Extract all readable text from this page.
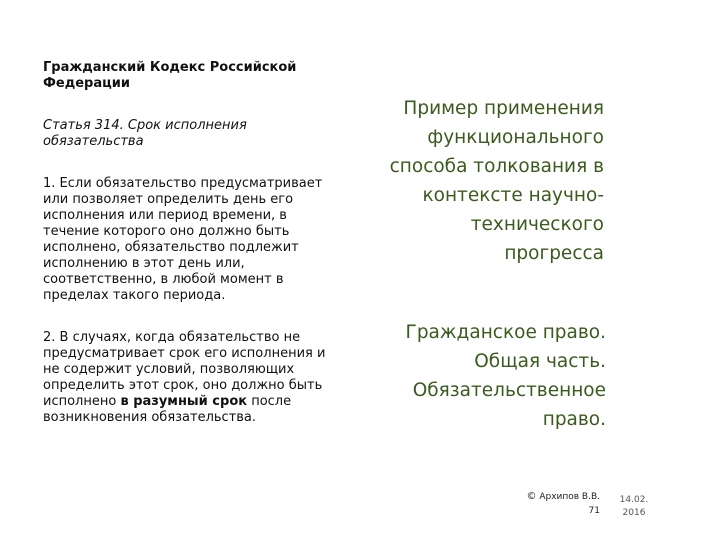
Гражданский Кодекс Российской Федерации

Статья 314. Срок исполнения обязательства

1. Если обязательство предусматривает или позволяет определить день его исполнения или период времени, в течение которого оно должно быть исполнено, обязательство подлежит исполнению в этот день или, соответственно, в любой момент в пределах такого периода.

2. В случаях, когда обязательство не предусматривает срок его исполнения и не содержит условий, позволяющих определить этот срок, оно должно быть исполнено в разумный срок после возникновения обязательства.

Пример применения функционального способа толкования в контексте научно-технического прогресса
Гражданское право. Общая часть. Обязательственное право.
© Архипов В.В.
71
14.02.
2016
